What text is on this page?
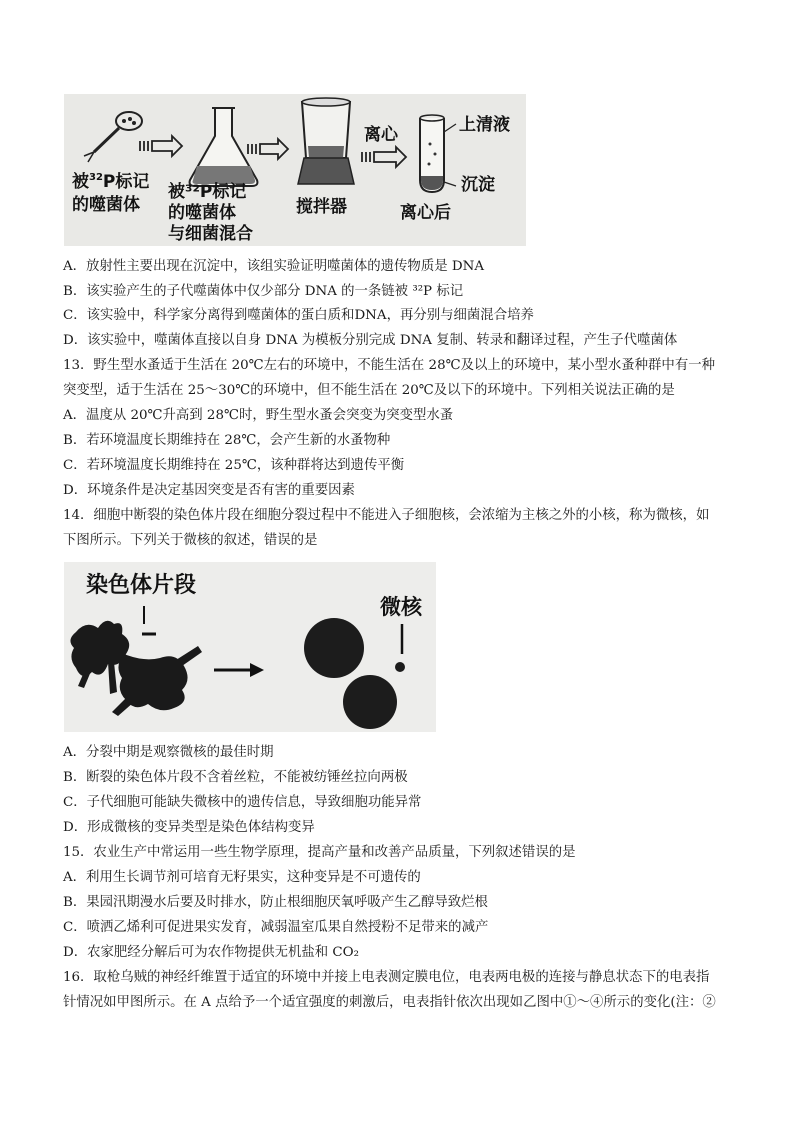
被$^{32}$P标记
的噬菌体
被³²P标记
的噬菌体
与细菌混合
搅拌器
离心	上清液
沉淀
离心后
A．放射性主要出现在沉淀中，该组实验证明噬菌体的遗传物质是 DNA
B．该实验产生的子代噬菌体中仅少部分 DNA 的一条链被 ³²P 标记
C．该实验中，科学家分离得到噬菌体的蛋白质和DNA，再分别与细菌混合培养
D．该实验中，噬菌体直接以自身 DNA 为模板分别完成 DNA 复制、转录和翻译过程，产生子代噬菌体
13．野生型水蚤适于生活在 20℃左右的环境中，不能生活在 28℃及以上的环境中，某小型水蚤种群中有一种
突变型，适于生活在 25～30℃的环境中，但不能生活在 20℃及以下的环境中。下列相关说法正确的是
A．温度从 20℃升高到 28℃时，野生型水蚤会突变为突变型水蚤
B．若环境温度长期维持在 28℃，会产生新的水蚤物种
C．若环境温度长期维持在 25℃，该种群将达到遗传平衡
D．环境条件是决定基因突变是否有害的重要因素
14．细胞中断裂的染色体片段在细胞分裂过程中不能进入子细胞核，会浓缩为主核之外的小核，称为微核，如
下图所示。下列关于微核的叙述，错误的是
染色体片段
微核
A．分裂中期是观察微核的最佳时期
B．断裂的染色体片段不含着丝粒，不能被纺锤丝拉向两极
C．子代细胞可能缺失微核中的遗传信息，导致细胞功能异常
D．形成微核的变异类型是染色体结构变异
15．农业生产中常运用一些生物学原理，提高产量和改善产品质量，下列叙述错误的是
A．利用生长调节剂可培育无籽果实，这种变异是不可遗传的
B．果园汛期漫水后要及时排水，防止根细胞厌氧呼吸产生乙醇导致烂根
C．喷洒乙烯利可促进果实发育，减弱温室瓜果自然授粉不足带来的减产
D．农家肥经分解后可为农作物提供无机盐和 CO₂
16．取枪乌贼的神经纤维置于适宜的环境中并接上电表测定膜电位，电表两电极的连接与静息状态下的电表指
针情况如甲图所示。在 A 点给予一个适宜强度的刺激后，电表指针依次出现如乙图中①～④所示的变化(注：②
